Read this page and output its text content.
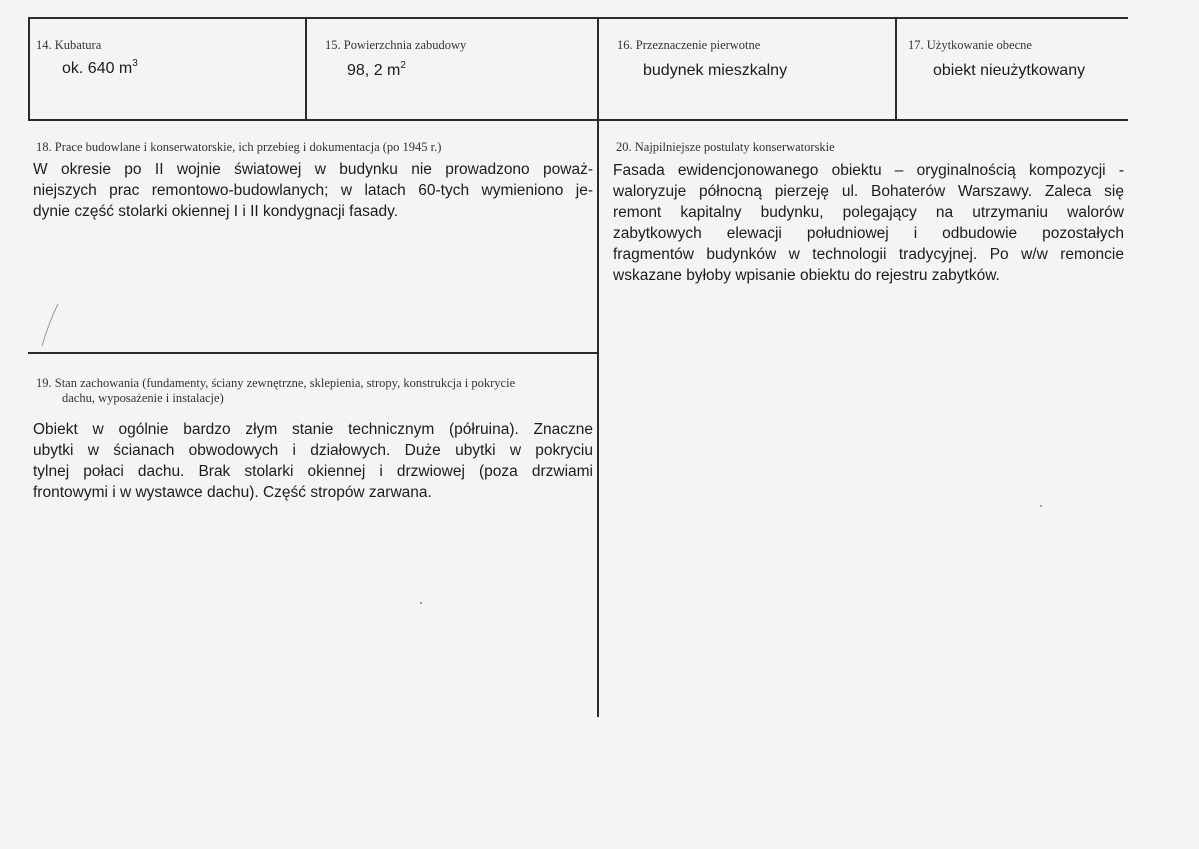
14. Kubatura
ok. 640 $m^3$
15. Powierzchnia zabudowy
98, 2 $m^2$
16. Przeznaczenie pierwotne
budynek mieszkalny
17. Użytkowanie obecne
obiekt nieużytkowany
18. Prace budowlane i konserwatorskie, ich przebieg i dokumentacja (po 1945 r.)
W okresie po II wojnie światowej w budynku nie prowadzono poważ-
niejszych prac remontowo-budowlanych; w latach 60-tych wymieniono je-
dynie część stolarki okiennej I i II kondygnacji fasady.
19. Stan zachowania (fundamenty, ściany zewnętrzne, sklepienia, stropy, konstrukcja i pokrycie
dachu, wyposażenie i instalacje)
Obiekt w ogólnie bardzo złym stanie technicznym (półruina). Znaczne
ubytki w ścianach obwodowych i działowych. Duże ubytki w pokryciu
tylnej połaci dachu. Brak stolarki okiennej i drzwiowej (poza drzwiami
frontowymi i w wystawce dachu). Część stropów zarwana.
20. Najpilniejsze postulaty konserwatorskie
Fasada ewidencjonowanego obiektu – oryginalnością kompozycji -
waloryzuje północną pierzeję ul. Bohaterów Warszawy. Zaleca się
remont kapitalny budynku, polegający na utrzymaniu walorów
zabytkowych elewacji południowej i odbudowie pozostałych
fragmentów budynków w technologii tradycyjnej. Po w/w remoncie
wskazane byłoby wpisanie obiektu do rejestru zabytków.
